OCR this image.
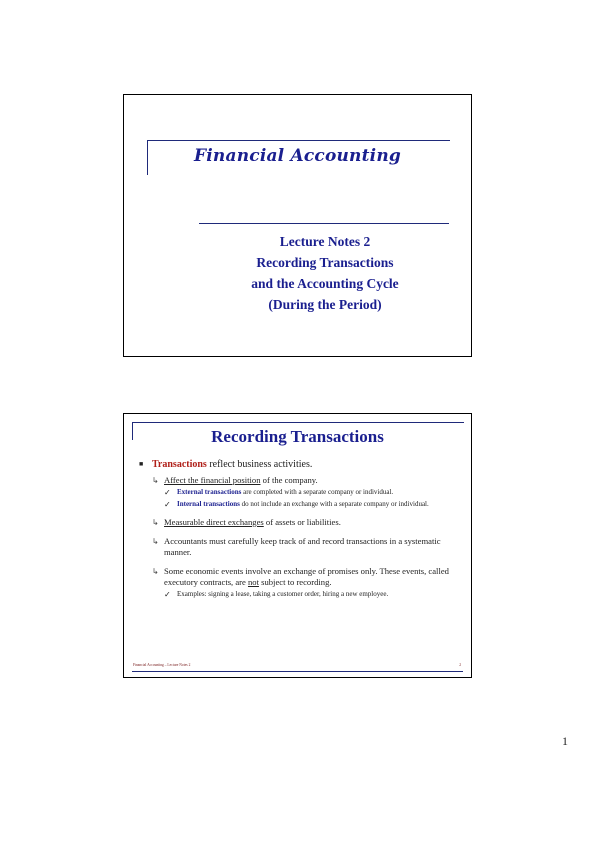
Financial Accounting
Lecture Notes 2
Recording Transactions
and the Accounting Cycle
(During the Period)
Recording Transactions
■ Transactions reflect business activities.
↳ Affect the financial position of the company.
✓ External transactions are completed with a separate company or individual.
✓ Internal transactions do not include an exchange with a separate company or individual.
↳ Measurable direct exchanges of assets or liabilities.
↳ Accountants must carefully keep track of and record transactions in a systematic manner.
↳ Some economic events involve an exchange of promises only. These events, called executory contracts, are not subject to recording.
✓ Examples: signing a lease, taking a customer order, hiring a new employee.
Financial Accounting – Lecture Notes 2	2
1
